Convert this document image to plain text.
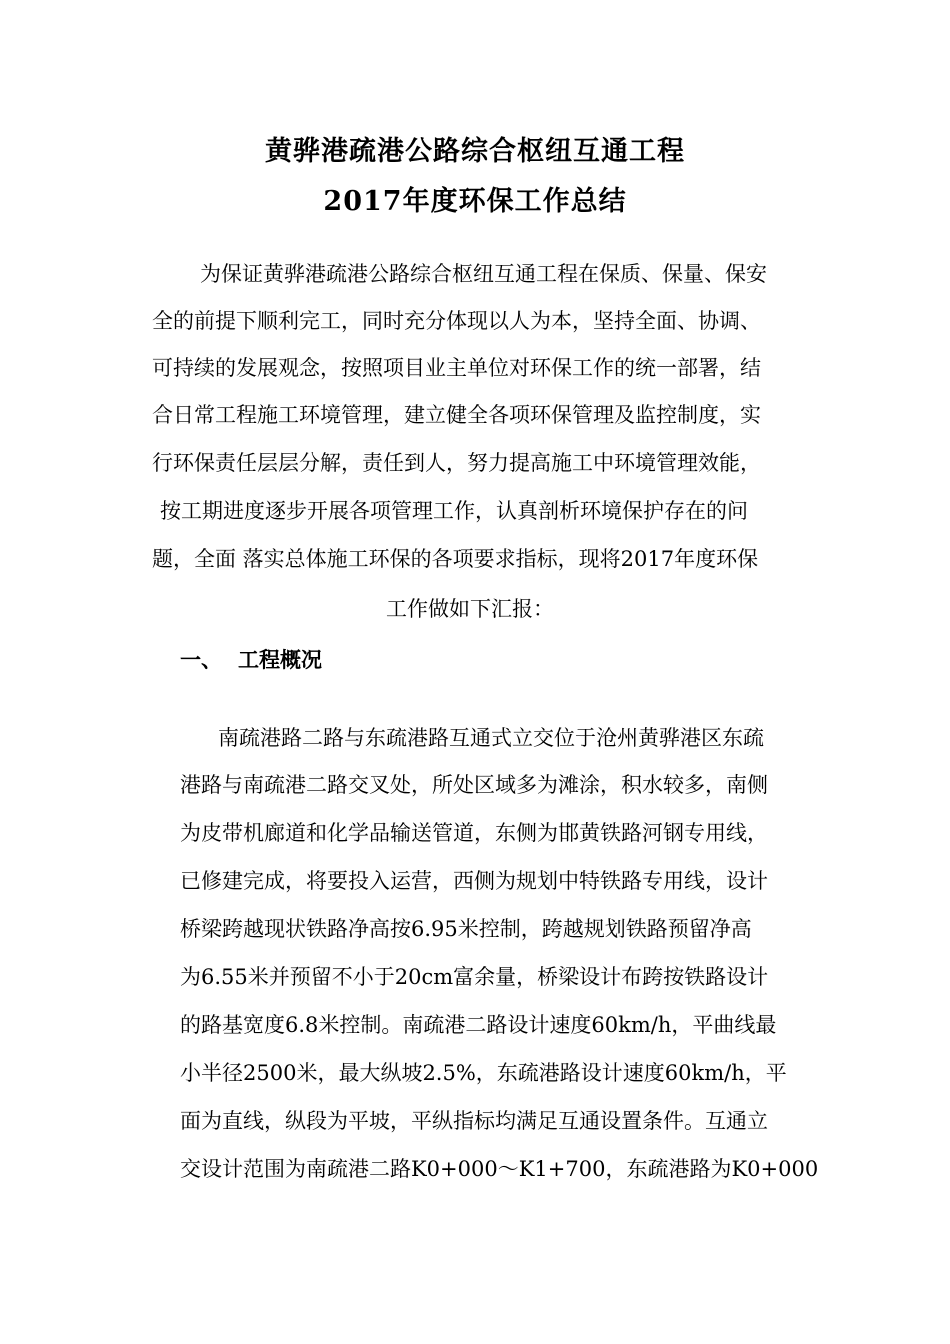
黄骅港疏港公路综合枢纽互通工程
2017年度环保工作总结
为保证黄骅港疏港公路综合枢纽互通工程在保质、保量、保安
全的前提下顺利完工，同时充分体现以人为本，坚持全面、协调、
可持续的发展观念，按照项目业主单位对环保工作的统一部署，结
合日常工程施工环境管理，建立健全各项环保管理及监控制度，实
行环保责任层层分解，责任到人，努力提高施工中环境管理效能，
按工期进度逐步开展各项管理工作，认真剖析环境保护存在的问
题，全面 落实总体施工环保的各项要求指标，现将2017年度环保
工作做如下汇报：
一、 工程概况
南疏港路二路与东疏港路互通式立交位于沧州黄骅港区东疏
港路与南疏港二路交叉处，所处区域多为滩涂，积水较多，南侧
为皮带机廊道和化学品输送管道，东侧为邯黄铁路河钢专用线，
已修建完成，将要投入运营，西侧为规划中特铁路专用线，设计
桥梁跨越现状铁路净高按6.95米控制，跨越规划铁路预留净高
为6.55米并预留不小于20cm富余量，桥梁设计布跨按铁路设计
的路基宽度6.8米控制。南疏港二路设计速度60km/h，平曲线最
小半径2500米，最大纵坡2.5%，东疏港路设计速度60km/h，平
面为直线，纵段为平坡，平纵指标均满足互通设置条件。互通立
交设计范围为南疏港二路K0+000～K1+700，东疏港路为K0+000
